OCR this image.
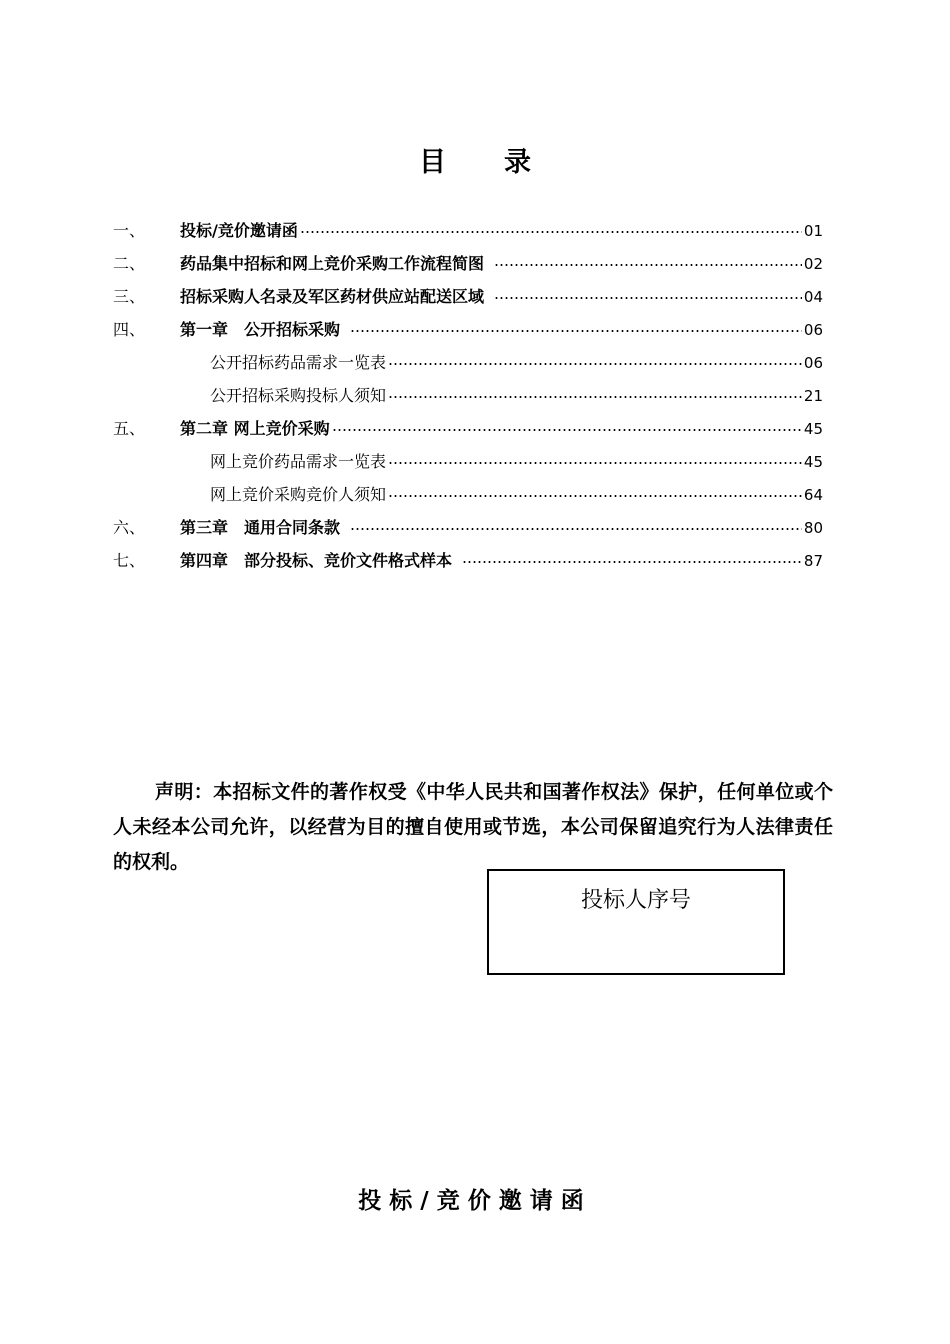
目录
一、	投标/竞价邀请函	01
二、	药品集中招标和网上竞价采购工作流程简图	02
三、	招标采购人名录及军区药材供应站配送区域	04
四、	第一章　公开招标采购	06
公开招标药品需求一览表	06
公开招标采购投标人须知	21
五、	第二章 网上竞价采购	45
网上竞价药品需求一览表	45
网上竞价采购竞价人须知	64
六、	第三章　通用合同条款	80
七、	第四章　部分投标、竞价文件格式样本	87

声明：本招标文件的著作权受《中华人民共和国著作权法》保护，任何单位或个人未经本公司允许，以经营为目的擅自使用或节选，本公司保留追究行为人法律责任的权利。

投标人序号
投标/竞价邀请函
